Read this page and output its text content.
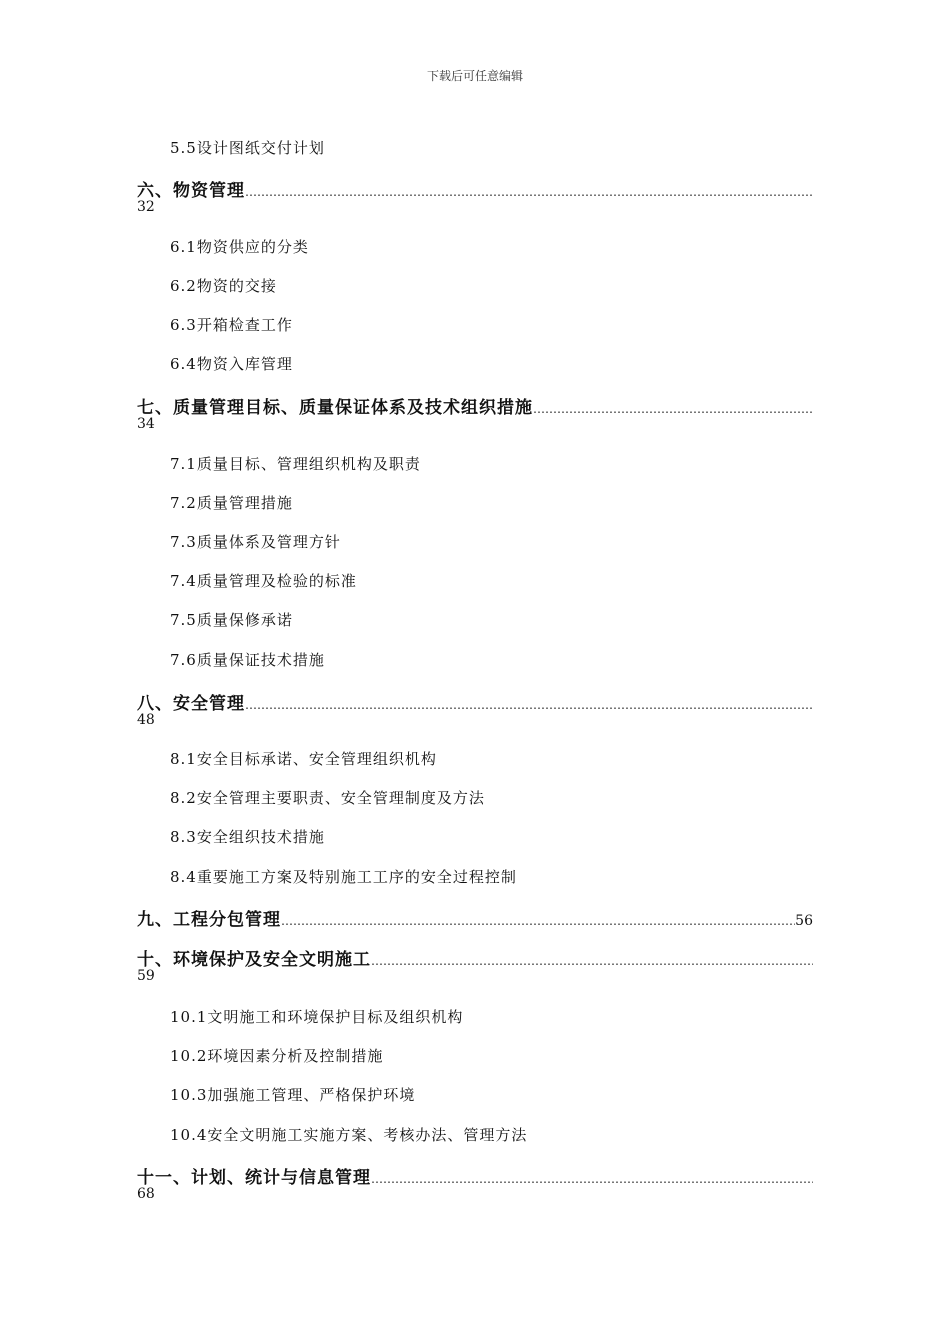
下载后可任意编辑
5.5设计图纸交付计划
六、物资管理
……………………………………………………………………………………………………………………………………………………………………………………………………………
32
6.1物资供应的分类
6.2物资的交接
6.3开箱检查工作
6.4物资入库管理
七、质量管理目标、质量保证体系及技术组织措施
……………………………………………………………………………………………………………………………………………………………………………………………………………
34
7.1质量目标、管理组织机构及职责
7.2质量管理措施
7.3质量体系及管理方针
7.4质量管理及检验的标准
7.5质量保修承诺
7.6质量保证技术措施
八、安全管理
……………………………………………………………………………………………………………………………………………………………………………………………………………
48
8.1安全目标承诺、安全管理组织机构
8.2安全管理主要职责、安全管理制度及方法
8.3安全组织技术措施
8.4重要施工方案及特别施工工序的安全过程控制
九、工程分包管理
……………………………………………………………………………………………………………………………………………………………………………………………………………	56
十、环境保护及安全文明施工
……………………………………………………………………………………………………………………………………………………………………………………………………………
59
10.1文明施工和环境保护目标及组织机构
10.2环境因素分析及控制措施
10.3加强施工管理、严格保护环境
10.4安全文明施工实施方案、考核办法、管理方法
十一、计划、统计与信息管理
……………………………………………………………………………………………………………………………………………………………………………………………………………
68
